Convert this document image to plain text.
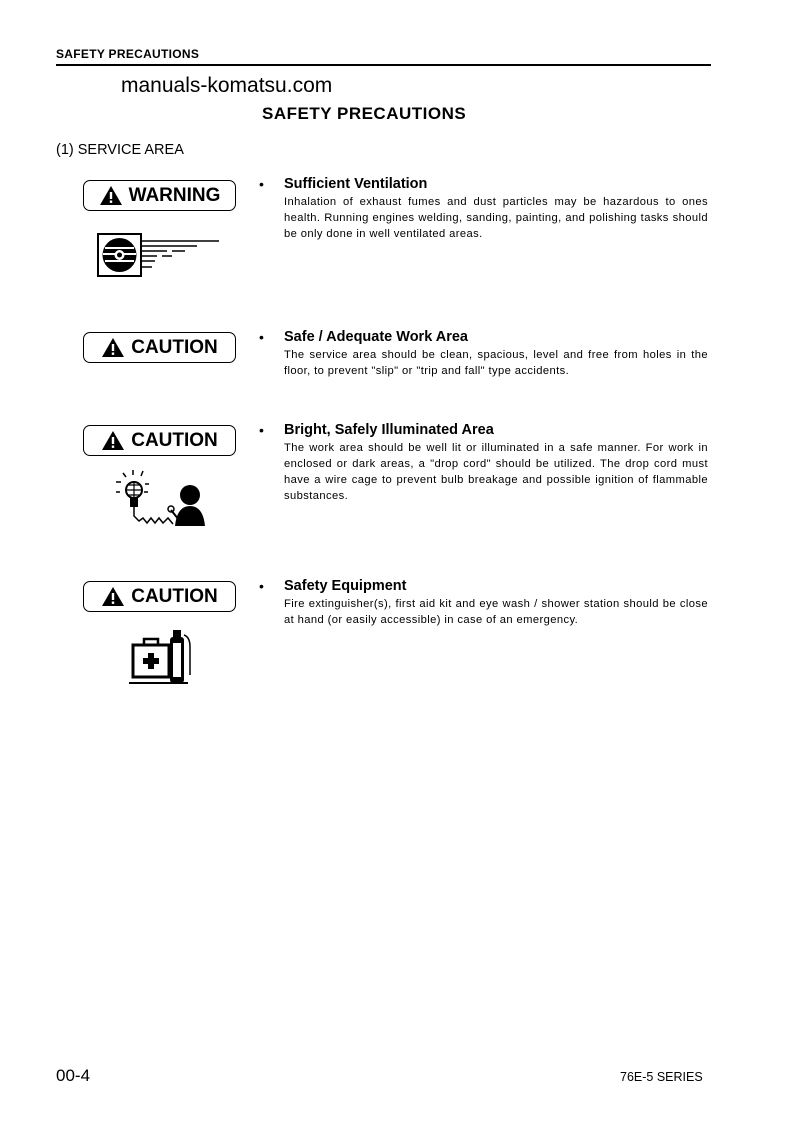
SAFETY PRECAUTIONS
manuals-komatsu.com
SAFETY PRECAUTIONS
(1) SERVICE AREA
WARNING
• Sufficient Ventilation
Inhalation of exhaust fumes and dust particles may be hazardous to ones health. Running engines welding, sanding, painting, and polishing tasks should be only done in well ventilated areas.
CAUTION	• Safe / Adequate Work Area
The service area should be clean, spacious, level and free from holes in the floor, to prevent "slip" or "trip and fall" type accidents.
CAUTION	• Bright, Safely Illuminated Area
The work area should be well lit or illuminated in a safe manner. For work in enclosed or dark areas, a "drop cord" should be utilized. The drop cord must have a wire cage to prevent bulb breakage and possible ignition of flammable substances.
CAUTION	• Safety Equipment
Fire extinguisher(s), first aid kit and eye wash / shower station should be close at hand (or easily accessible) in case of an emergency.
00-4	76E-5 SERIES
